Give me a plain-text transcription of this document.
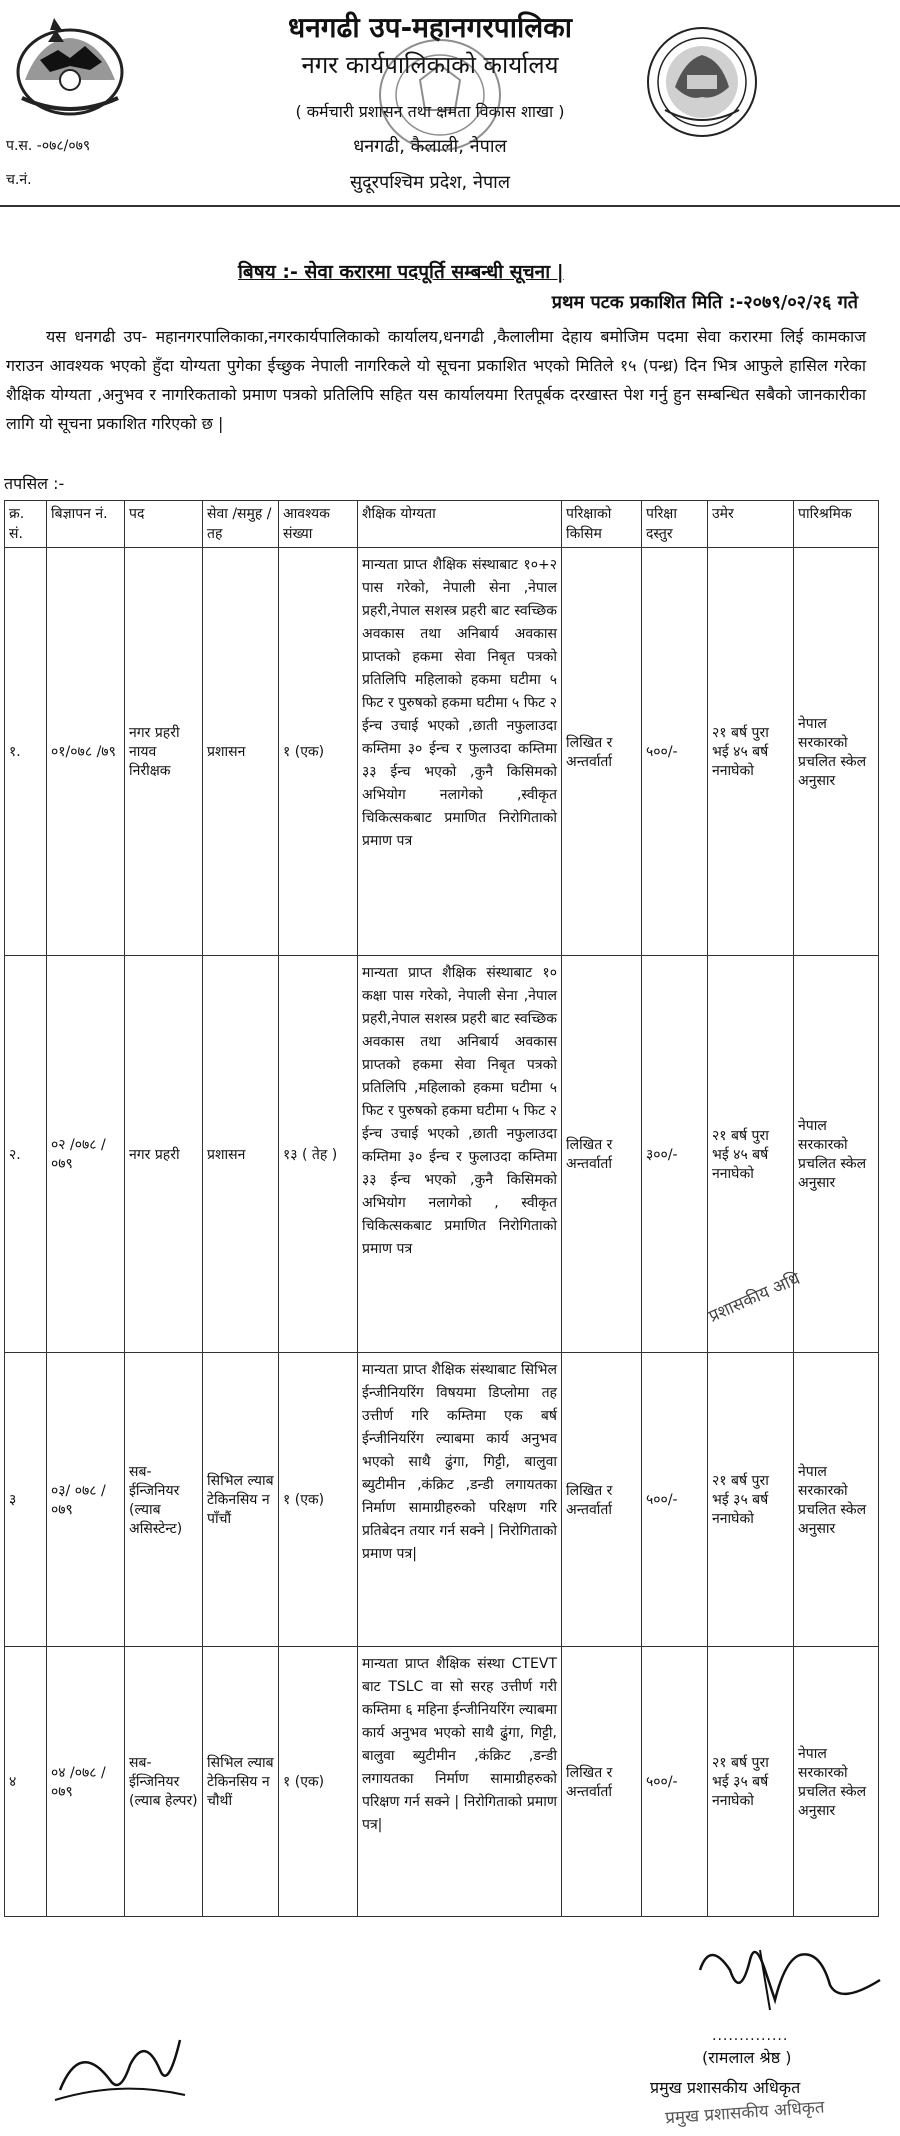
धनगढी उप-महानगरपालिका
नगर कार्यपालिकाको कार्यालय
( कर्मचारी प्रशासन तथा क्षमता विकास शाखा )
धनगढी, कैलाली, नेपाल
सुदूरपश्चिम प्रदेश, नेपाल
प.स. -०७८/०७९
च.नं.
बिषय :- सेवा करारमा पदपूर्ति सम्बन्धी सूचना |
प्रथम पटक प्रकाशित मिति :-२०७९/०२/२६ गते
यस धनगढी उप- महानगरपालिकाका,नगरकार्यपालिकाको कार्यालय,धनगढी ,कैलालीमा देहाय बमोजिम पदमा सेवा करारमा लिई कामकाज गराउन आवश्यक भएको हुँदा योग्यता पुगेका ईच्छुक नेपाली नागरिकले यो सूचना प्रकाशित भएको मितिले १५ (पन्ध्र) दिन भित्र आफुले हासिल गरेका शैक्षिक योग्यता ,अनुभव र नागरिकताको प्रमाण पत्रको प्रतिलिपि सहित यस कार्यालयमा रितपूर्बक दरखास्त पेश गर्नु हुन सम्बन्धित सबैको जानकारीका लागि यो सूचना प्रकाशित गरिएको छ |
तपसिल :-
क्र. सं.	बिज्ञापन नं.	पद	सेवा /समुह /तह	आवश्यक संख्या	शैक्षिक योग्यता	परिक्षाको किसिम	परिक्षा दस्तुर	उमेर	पारिश्रमिक
१.	०१/०७८ /७९	नगर प्रहरी नायव निरीक्षक	प्रशासन	१ (एक)	मान्यता प्राप्त शैक्षिक संस्थाबाट १०+२ पास गरेको, नेपाली सेना ,नेपाल प्रहरी,नेपाल सशस्त्र प्रहरी बाट स्वच्छिक अवकास तथा अनिबार्य अवकास प्राप्तको हकमा सेवा निबृत पत्रको प्रतिलिपि महिलाको हकमा घटीमा ५ फिट र पुरुषको हकमा घटीमा ५ फिट २ ईन्च उचाई भएको ,छाती नफुलाउदा कम्तिमा ३० ईन्च र फुलाउदा कम्तिमा ३३ ईन्च भएको ,कुनै किसिमको अभियोग नलागेको ,स्वीकृत चिकित्सकबाट प्रमाणित निरोगिताको प्रमाण पत्र	लिखित र अन्तर्वार्ता	५००/-	२१ बर्ष पुरा भई ४५ बर्ष ननाघेको	नेपाल सरकारको प्रचलित स्केल अनुसार
२.	०२ /०७८ /०७९	नगर प्रहरी	प्रशासन	१३ ( तेह )	मान्यता प्राप्त शैक्षिक संस्थाबाट १० कक्षा पास गरेको, नेपाली सेना ,नेपाल प्रहरी,नेपाल सशस्त्र प्रहरी बाट स्वच्छिक अवकास तथा अनिबार्य अवकास प्राप्तको हकमा सेवा निबृत पत्रको प्रतिलिपि ,महिलाको हकमा घटीमा ५ फिट र पुरुषको हकमा घटीमा ५ फिट २ ईन्च उचाई भएको ,छाती नफुलाउदा कम्तिमा ३० ईन्च र फुलाउदा कम्तिमा ३३ ईन्च भएको ,कुनै किसिमको अभियोग नलागेको , स्वीकृत चिकित्सकबाट प्रमाणित निरोगिताको प्रमाण पत्र	लिखित र अन्तर्वार्ता	३००/-	२१ बर्ष पुरा भई ४५ बर्ष ननाघेको	नेपाल सरकारको प्रचलित स्केल अनुसार
३	०३/ ०७८ /०७९	सब- ईन्जिनियर (ल्याब असिस्टेन्ट)	सिभिल ल्याब टेकिनसिय न पाँचौं	१ (एक)	मान्यता प्राप्त शैक्षिक संस्थाबाट सिभिल ईन्जीनियरिंग विषयमा डिप्लोमा तह उत्तीर्ण गरि कम्तिमा एक बर्ष ईन्जीनियरिंग ल्याबमा कार्य अनुभव भएको साथै ढुंगा, गिट्टी, बालुवा ब्युटीमीन ,कंक्रिट ,डन्डी लगायतका निर्माण सामाग्रीहरुको परिक्षण गरि प्रतिबेदन तयार गर्न सक्ने | निरोगिताको प्रमाण पत्र|	लिखित र अन्तर्वार्ता	५००/-	२१ बर्ष पुरा भई ३५ बर्ष ननाघेको	नेपाल सरकारको प्रचलित स्केल अनुसार
४	०४ /०७८ /०७९	सब- ईन्जिनियर (ल्याब हेल्पर)	सिभिल ल्याब टेकिनसिय न चौथीं	१ (एक)	मान्यता प्राप्त शैक्षिक संस्था CTEVT बाट TSLC वा सो सरह उत्तीर्ण गरी कम्तिमा ६ महिना ईन्जीनियरिंग ल्याबमा कार्य अनुभव भएको साथै ढुंगा, गिट्टी, बालुवा ब्युटीमीन ,कंक्रिट ,डन्डी लगायतका निर्माण सामाग्रीहरुको परिक्षण गर्न सक्ने | निरोगिताको प्रमाण पत्र|	लिखित र अन्तर्वार्ता	५००/-	२१ बर्ष पुरा भई ३५ बर्ष ननाघेको	नेपाल सरकारको प्रचलित स्केल अनुसार
प्रशासकीय अधि
..............
(रामलाल श्रेष्ठ )
प्रमुख प्रशासकीय अधिकृत
प्रमुख प्रशासकीय अधिकृत
